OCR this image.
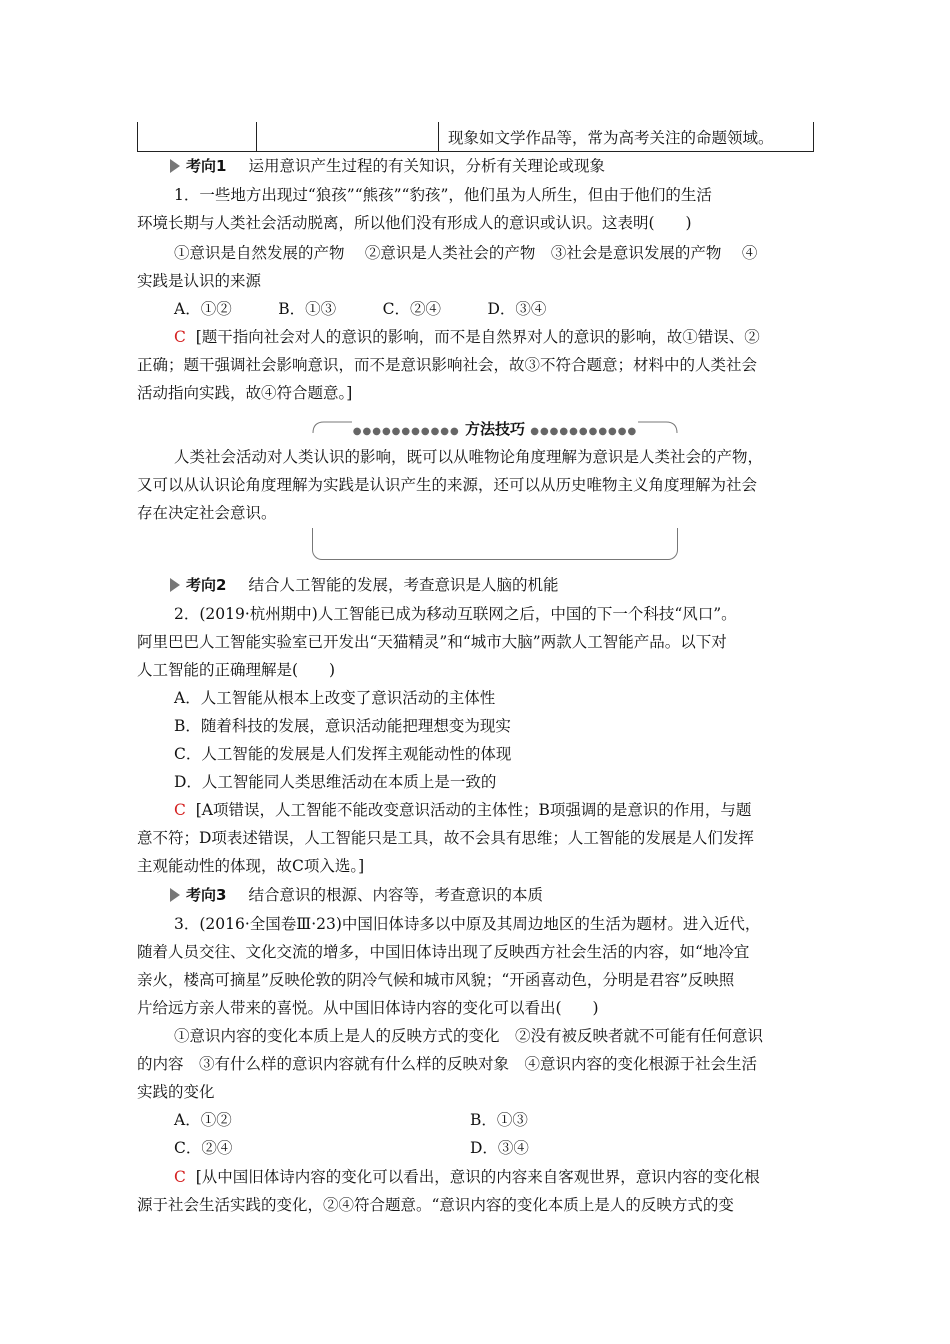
现象如文学作品等，常为高考关注的命题领域。
考向1 运用意识产生过程的有关知识，分析有关理论或现象
1．一些地方出现过“狼孩”“熊孩”“豹孩”，他们虽为人所生，但由于他们的生活
环境长期与人类社会活动脱离，所以他们没有形成人的意识或认识。这表明(　　)
①意识是自然发展的产物　 ②意识是人类社会的产物　③社会是意识发展的产物　 ④
实践是认识的来源
A．①②　　　B．①③　　　C．②④　　　D．③④
C [题干指向社会对人的意识的影响，而不是自然界对人的意识的影响，故①错误、②
正确；题干强调社会影响意识，而不是意识影响社会，故③不符合题意；材料中的人类社会
活动指向实践，故④符合题意。]
●●●●●●●●●●● 方法技巧 ●●●●●●●●●●●
人类社会活动对人类认识的影响，既可以从唯物论角度理解为意识是人类社会的产物，
又可以从认识论角度理解为实践是认识产生的来源，还可以从历史唯物主义角度理解为社会
存在决定社会意识。
考向2 结合人工智能的发展，考查意识是人脑的机能
2．(2019·杭州期中)人工智能已成为移动互联网之后，中国的下一个科技“风口”。
阿里巴巴人工智能实验室已开发出“天猫精灵”和“城市大脑”两款人工智能产品。以下对
人工智能的正确理解是(　　)
A．人工智能从根本上改变了意识活动的主体性
B．随着科技的发展，意识活动能把理想变为现实
C．人工智能的发展是人们发挥主观能动性的体现
D．人工智能同人类思维活动在本质上是一致的
C [A项错误，人工智能不能改变意识活动的主体性；B项强调的是意识的作用，与题
意不符；D项表述错误，人工智能只是工具，故不会具有思维；人工智能的发展是人们发挥
主观能动性的体现，故C项入选。]
考向3 结合意识的根源、内容等，考查意识的本质
3．(2016·全国卷Ⅲ·23)中国旧体诗多以中原及其周边地区的生活为题材。进入近代，
随着人员交往、文化交流的增多，中国旧体诗出现了反映西方社会生活的内容，如“地冷宜
亲火，楼高可摘星”反映伦敦的阴冷气候和城市风貌；“开函喜动色，分明是君容”反映照
片给远方亲人带来的喜悦。从中国旧体诗内容的变化可以看出(　　)
①意识内容的变化本质上是人的反映方式的变化　②没有被反映者就不可能有任何意识
的内容　③有什么样的意识内容就有什么样的反映对象　④意识内容的变化根源于社会生活
实践的变化
A．①②	B．①③
C．②④	D．③④
C [从中国旧体诗内容的变化可以看出，意识的内容来自客观世界，意识内容的变化根
源于社会生活实践的变化，②④符合题意。“意识内容的变化本质上是人的反映方式的变
